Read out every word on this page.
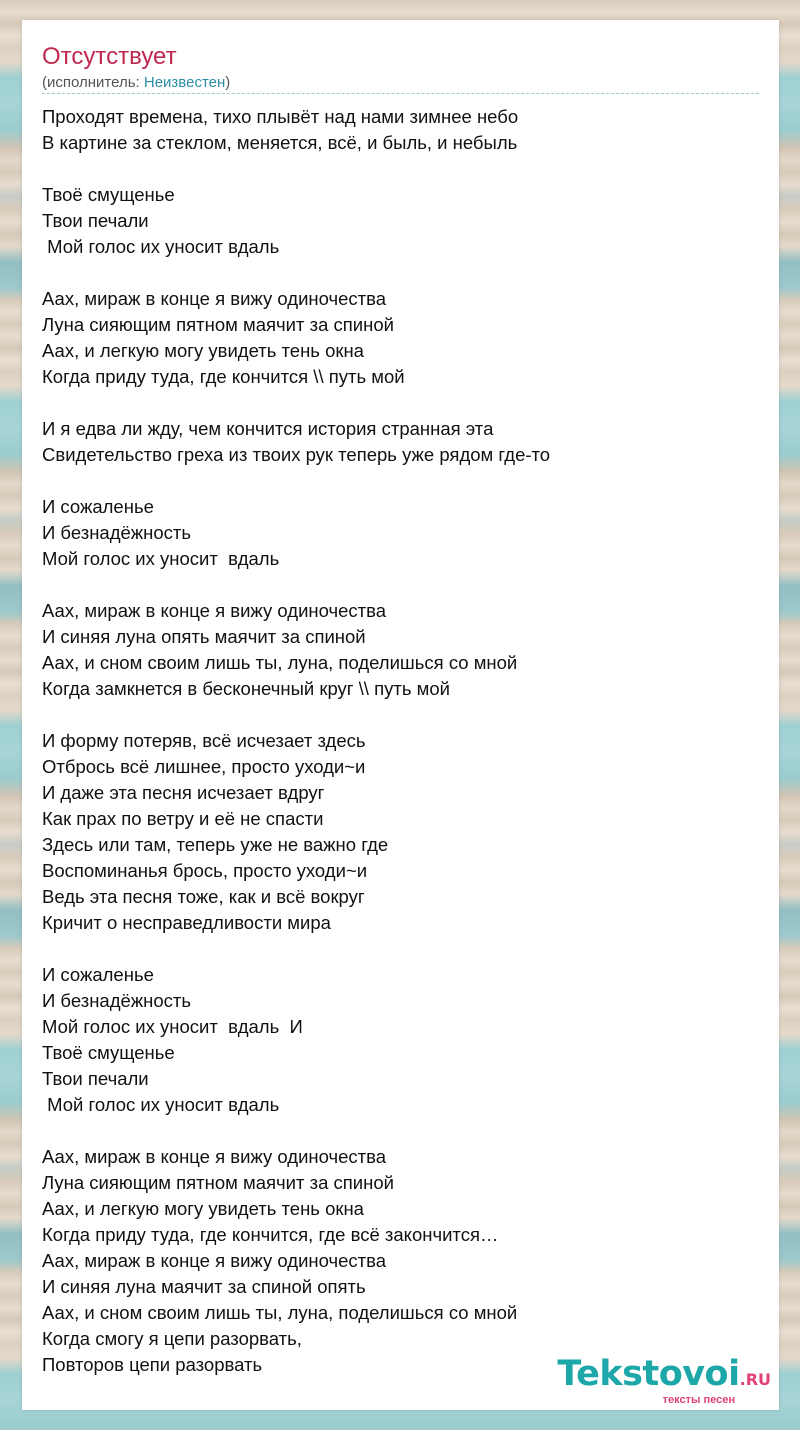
Отсутствует
(исполнитель: Неизвестен)
Проходят времена, тихо плывёт над нами зимнее небо
В картине за стеклом, меняется, всё, и быль, и небыль

Твоё смущенье
Твои печали
Мой голос их уносит вдаль

Аах, мираж в конце я вижу одиночества
Луна сияющим пятном маячит за спиной
Аах, и легкую могу увидеть тень окна
Когда приду туда, где кончится \\ путь мой

И я едва ли жду, чем кончится история странная эта
Свидетельство греха из твоих рук теперь уже рядом где-то

И сожаленье
И безнадёжность
Мой голос их уносит  вдаль

Аах, мираж в конце я вижу одиночества
И синяя луна опять маячит за спиной
Аах, и сном своим лишь ты, луна, поделишься со мной
Когда замкнется в бесконечный круг \\ путь мой

И форму потеряв, всё исчезает здесь
Отбрось всё лишнее, просто уходи~и
И даже эта песня исчезает вдруг
Как прах по ветру и её не спасти
Здесь или там, теперь уже не важно где
Воспоминанья брось, просто уходи~и
Ведь эта песня тоже, как и всё вокруг
Кричит о несправедливости мира

И сожаленье
И безнадёжность
Мой голос их уносит  вдаль  И
Твоё смущенье
Твои печали
Мой голос их уносит вдаль

Аах, мираж в конце я вижу одиночества
Луна сияющим пятном маячит за спиной
Аах, и легкую могу увидеть тень окна
Когда приду туда, где кончится, где всё закончится…
Аах, мираж в конце я вижу одиночества
И синяя луна маячит за спиной опять
Аах, и сном своим лишь ты, луна, поделишься со мной
Когда смогу я цепи разорвать,
Повторов цепи разорвать	Tekstovoi.RU
тексты песен
